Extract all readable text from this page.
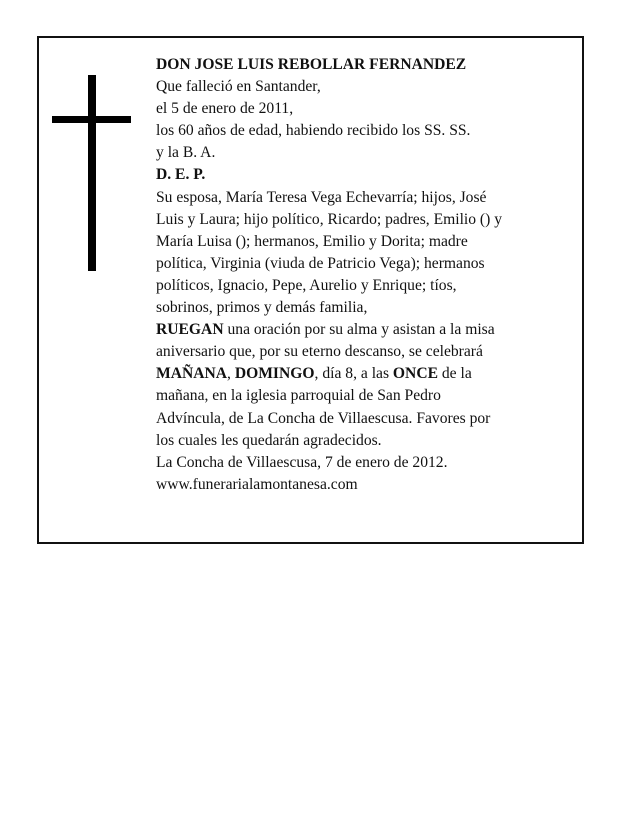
DON JOSE LUIS REBOLLAR FERNANDEZ
Que falleció en Santander,
el 5 de enero de 2011,
los 60 años de edad, habiendo recibido los SS. SS.
y la B. A.
D. E. P.
Su esposa, María Teresa Vega Echevarría; hijos, José
Luis y Laura; hijo político, Ricardo; padres, Emilio () y
María Luisa (); hermanos, Emilio y Dorita; madre
política, Virginia (viuda de Patricio Vega); hermanos
políticos, Ignacio, Pepe, Aurelio y Enrique; tíos,
sobrinos, primos y demás familia,
RUEGAN una oración por su alma y asistan a la misa
aniversario que, por su eterno descanso, se celebrará
MAÑANA, DOMINGO, día 8, a las ONCE de la
mañana, en la iglesia parroquial de San Pedro
Advíncula, de La Concha de Villaescusa. Favores por
los cuales les quedarán agradecidos.
La Concha de Villaescusa, 7 de enero de 2012.
www.funerarialamontanesa.com
